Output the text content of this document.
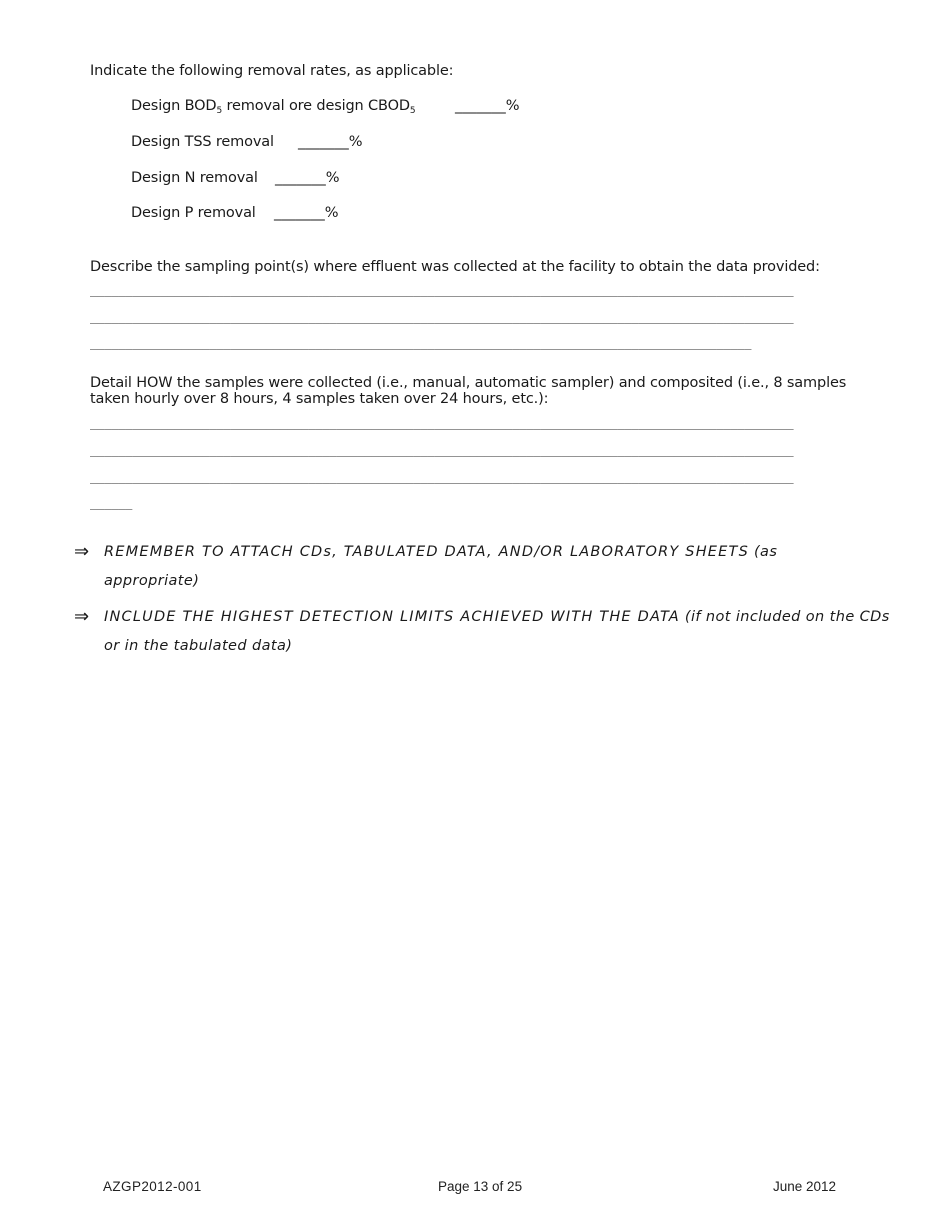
Indicate the following removal rates, as applicable:
Design $BOD_5$ removal ore design $CBOD_5$	_______%
Design TSS removal _______%
Design N removal _______%
Design P removal _______%
Describe the sampling point(s) where effluent was collected at the facility to obtain the data provided:
____________________________________________________________________________________________________
____________________________________________________________________________________________________
______________________________________________________________________________________________
Detail HOW the samples were collected (i.e., manual, automatic sampler) and composited (i.e., 8 samples
taken hourly over 8 hours, 4 samples taken over 24 hours, etc.):
____________________________________________________________________________________________________
____________________________________________________________________________________________________
____________________________________________________________________________________________________
______
⇒ REMEMBER TO ATTACH CDs, TABULATED DATA, AND/OR LABORATORY SHEETS (as appropriate)
⇒ INCLUDE THE HIGHEST DETECTION LIMITS ACHIEVED WITH THE DATA (if not included on the CDs or in the tabulated data)
AZGP2012-001	Page 13 of 25	June 2012
